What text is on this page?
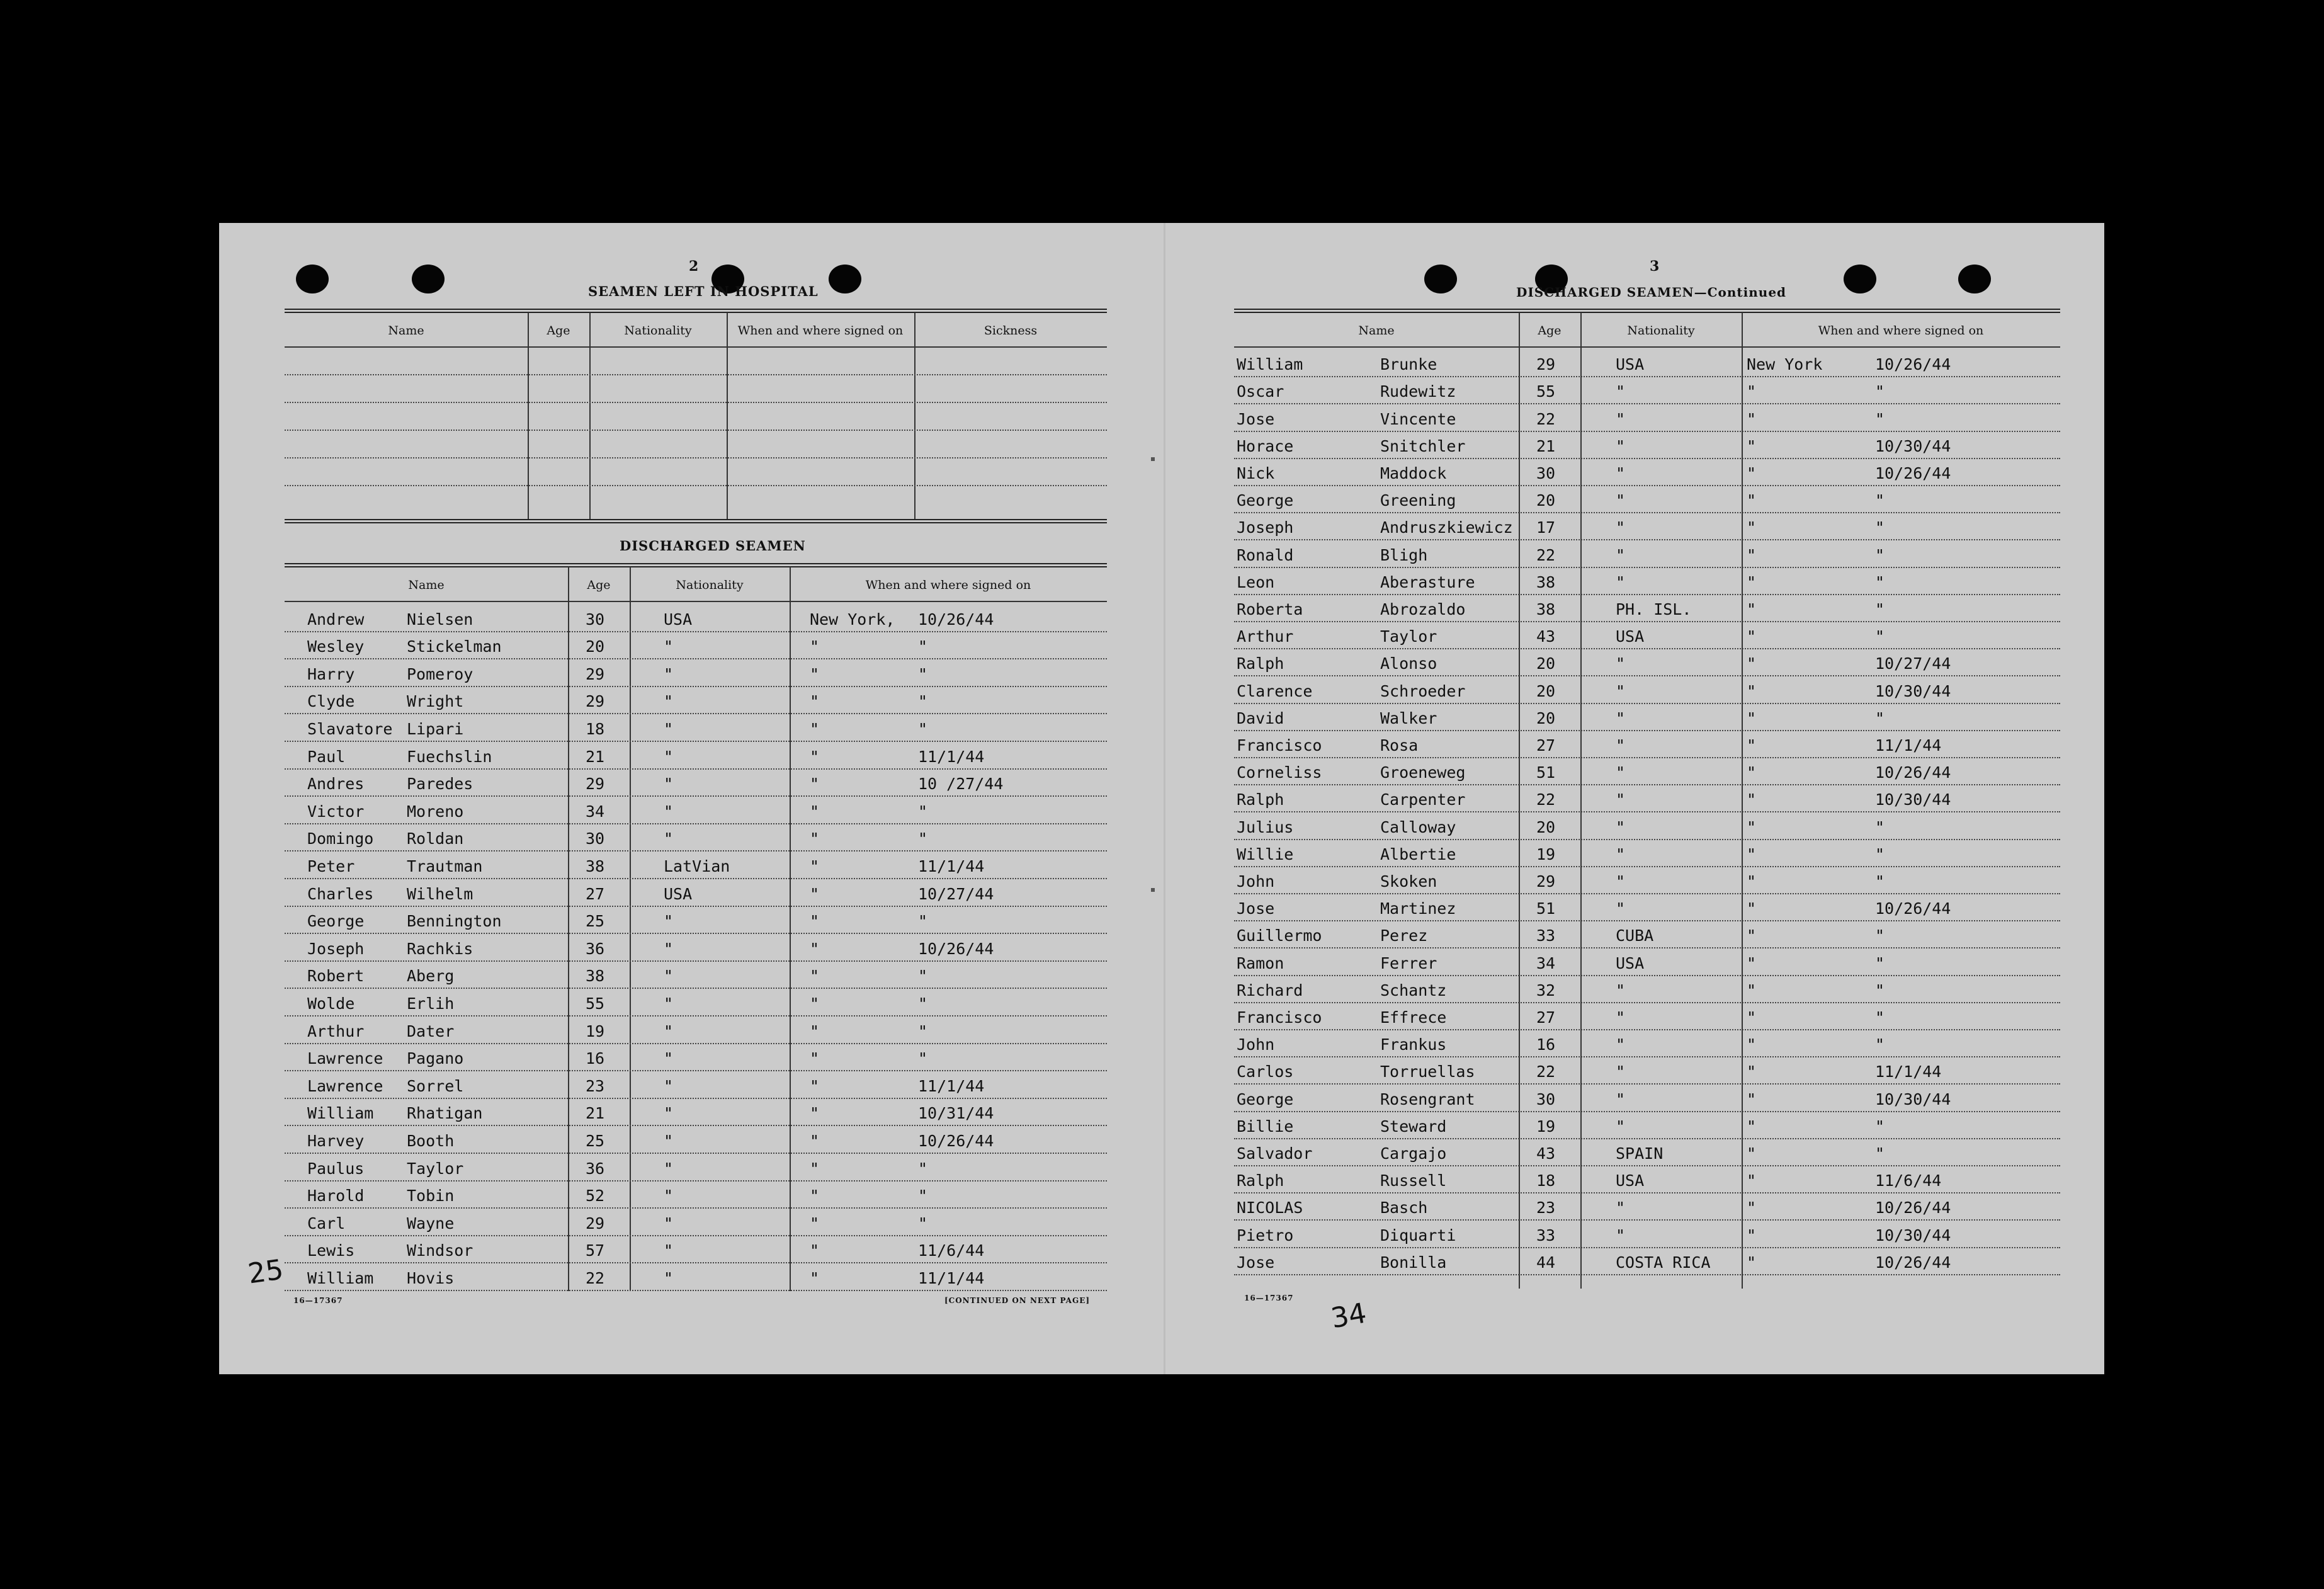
2
SEAMEN LEFT IN HOSPITAL
Name	Age	Nationality	When and where signed on	Sickness
DISCHARGED SEAMEN
Name	Age	Nationality	When and where signed on
Andrew	Nielsen	30	USA	New York, 10/26/44
Wesley	Stickelman	20	"	"	"
Harry	Pomeroy	29	"	"	"
Clyde	Wright	29	"	"	"
Slavatore Lipari	18	"	"	"
Paul	Fuechslin	21	"	"	11/1/44
Andres	Paredes	29	"	"	10 /27/44
Victor	Moreno	34	"	"	"
Domingo Roldan	30	"	"	"
Peter	Trautman	38	LatVian	"	11/1/44
Charles Wilhelm	27	USA	"	10/27/44
George	Bennington	25	"	"	"
Joseph	Rachkis	36	"	"	10/26/44
Robert	Aberg	38	"	"	"
Wolde	Erlih	55	"	"	"
Arthur	Dater	19	"	"	"
Lawrence Pagano	16	"	"	"
Lawrence Sorrel	23	"	"	11/1/44
William Rhatigan	21	"	"	10/31/44
Harvey	Booth	25	"	"	10/26/44
Paulus	Taylor	36	"	"	"
Harold	Tobin	52	"	"	"
Carl	Wayne	29	"	"	"
Lewis	Windsor	57	"	"	11/6/44
William Hovis	22	"	"	11/1/44
16—17367	[CONTINUED ON NEXT PAGE]
25
3
DISCHARGED SEAMEN—Continued
Name	Age	Nationality	When and where signed on
William	Brunke	29	USA	New York	10/26/44
Oscar	Rudewitz	55	"	"	"
Jose	Vincente	22	"	"	"
Horace	Snitchler	21	"	"	10/30/44
Nick	Maddock	30	"	"	10/26/44
George	Greening	20	"	"	"
Joseph	Andruszkiewicz 17	"	"	"
Ronald	Bligh	22	"	"	"
Leon	Aberasture	38	"	"	"
Roberta	Abrozaldo	38	PH. ISL.	"	"
Arthur	Taylor	43	USA	"	"
Ralph	Alonso	20	"	"	10/27/44
Clarence	Schroeder	20	"	"	10/30/44
David	Walker	20	"	"	"
Francisco	Rosa	27	"	"	11/1/44
Corneliss	Groeneweg	51	"	"	10/26/44
Ralph	Carpenter	22	"	"	10/30/44
Julius	Calloway	20	"	"	"
Willie	Albertie	19	"	"	"
John	Skoken	29	"	"	"
Jose	Martinez	51	"	"	10/26/44
Guillermo	Perez	33	CUBA	"	"
Ramon	Ferrer	34	USA	"	"
Richard	Schantz	32	"	"	"
Francisco	Effrece	27	"	"	"
John	Frankus	16	"	"	"
Carlos	Torruellas	22	"	"	11/1/44
George	Rosengrant	30	"	"	10/30/44
Billie	Steward	19	"	"	"
Salvador	Cargajo	43	SPAIN	"	"
Ralph	Russell	18	USA	"	11/6/44
NICOLAS	Basch	23	"	"	10/26/44
Pietro	Diquarti	33	"	"	10/30/44
Jose	Bonilla	44	COSTA RICA "	10/26/44
16—17367 34
